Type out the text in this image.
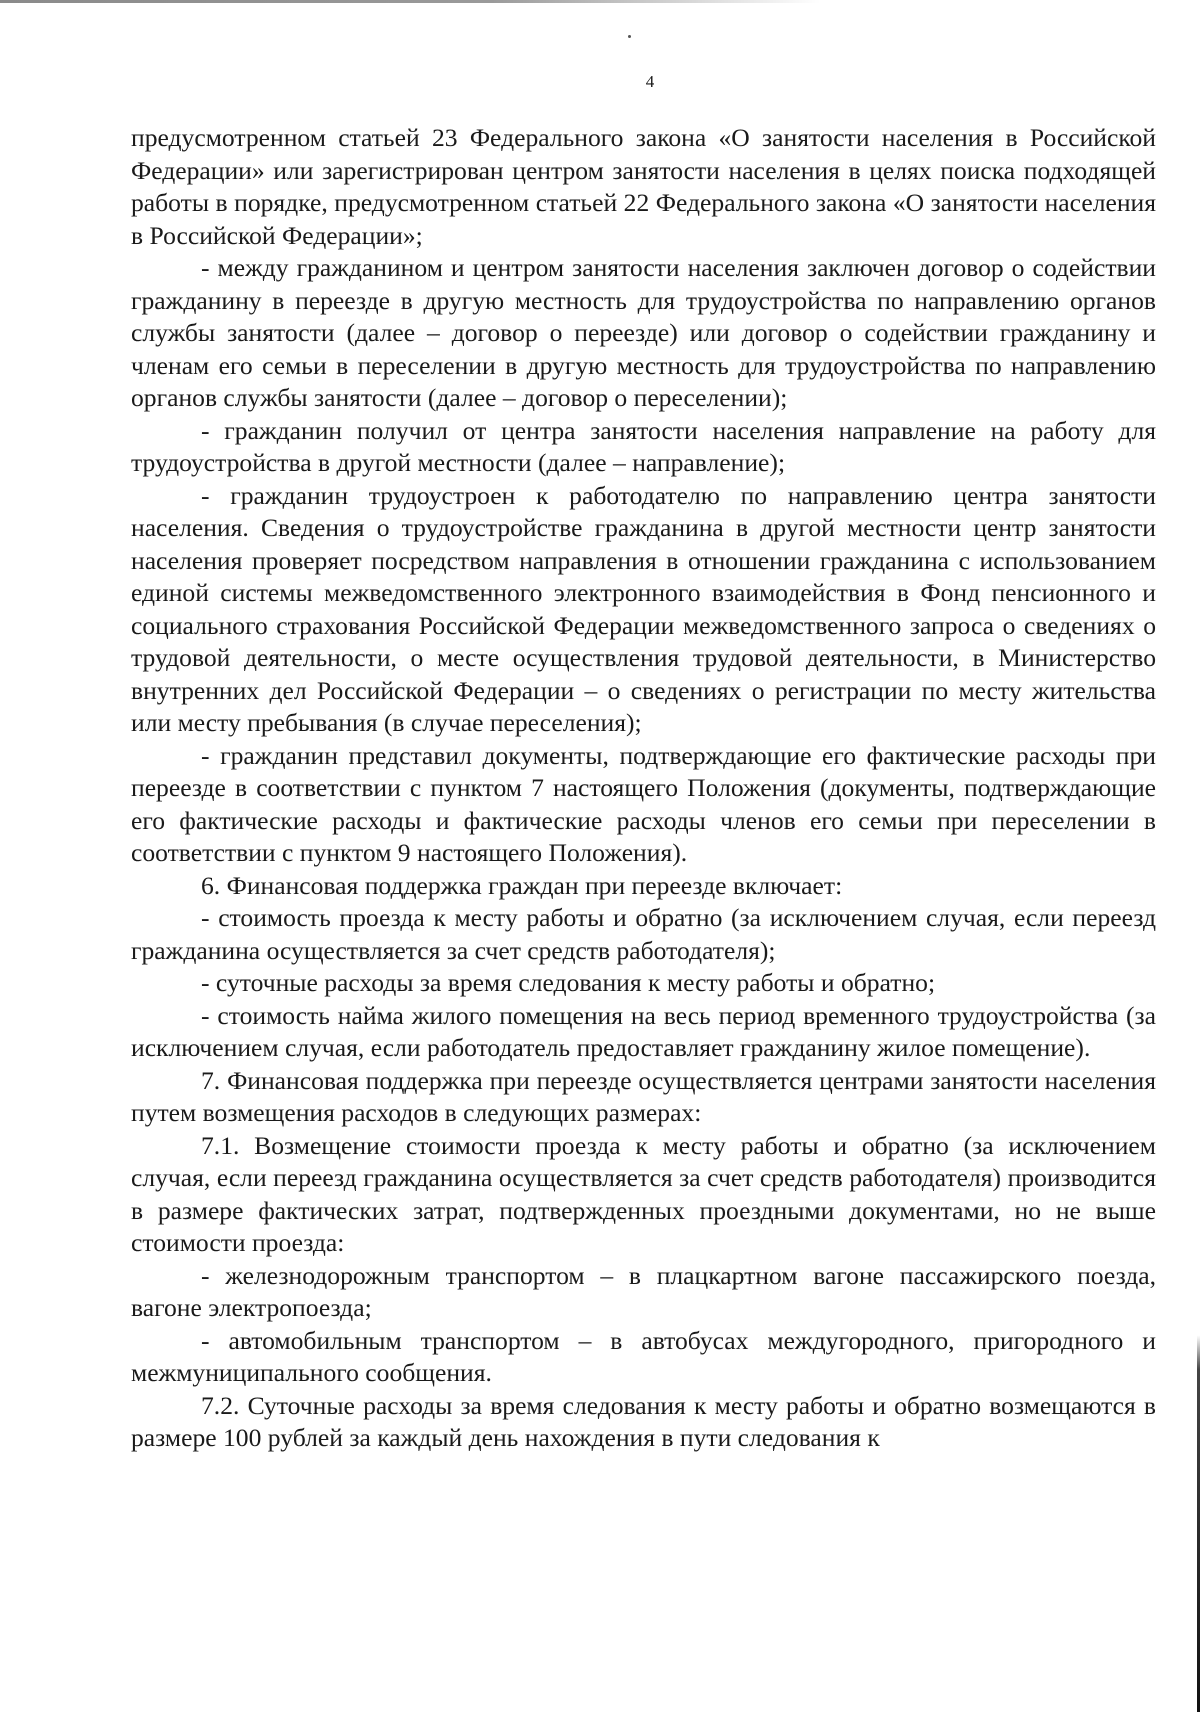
4

предусмотренном статьей 23 Федерального закона «О занятости населения в Российской Федерации» или зарегистрирован центром занятости населения в целях поиска подходящей работы в порядке, предусмотренном статьей 22 Федерального закона «О занятости населения в Российской Федерации»;

- между гражданином и центром занятости населения заключен договор о содействии гражданину в переезде в другую местность для трудоустройства по направлению органов службы занятости (далее – договор о переезде) или договор о содействии гражданину и членам его семьи в переселении в другую местность для трудоустройства по направлению органов службы занятости (далее – договор о переселении);

- гражданин получил от центра занятости населения направление на работу для трудоустройства в другой местности (далее – направление);

- гражданин трудоустроен к работодателю по направлению центра занятости населения. Сведения о трудоустройстве гражданина в другой местности центр занятости населения проверяет посредством направления в отношении гражданина с использованием единой системы межведомственного электронного взаимодействия в Фонд пенсионного и социального страхования Российской Федерации межведомственного запроса о сведениях о трудовой деятельности, о месте осуществления трудовой деятельности, в Министерство внутренних дел Российской Федерации – о сведениях о регистрации по месту жительства или месту пребывания (в случае переселения);

- гражданин представил документы, подтверждающие его фактические расходы при переезде в соответствии с пунктом 7 настоящего Положения (документы, подтверждающие его фактические расходы и фактические расходы членов его семьи при переселении в соответствии с пунктом 9 настоящего Положения).

6. Финансовая поддержка граждан при переезде включает:

- стоимость проезда к месту работы и обратно (за исключением случая, если переезд гражданина осуществляется за счет средств работодателя);

- суточные расходы за время следования к месту работы и обратно;

- стоимость найма жилого помещения на весь период временного трудоустройства (за исключением случая, если работодатель предоставляет гражданину жилое помещение).

7. Финансовая поддержка при переезде осуществляется центрами занятости населения путем возмещения расходов в следующих размерах:

7.1. Возмещение стоимости проезда к месту работы и обратно (за исключением случая, если переезд гражданина осуществляется за счет средств работодателя) производится в размере фактических затрат, подтвержденных проездными документами, но не выше стоимости проезда:

- железнодорожным транспортом – в плацкартном вагоне пассажирского поезда, вагоне электропоезда;

- автомобильным транспортом – в автобусах междугородного, пригородного и межмуниципального сообщения.

7.2. Суточные расходы за время следования к месту работы и обратно возмещаются в размере 100 рублей за каждый день нахождения в пути следования к
